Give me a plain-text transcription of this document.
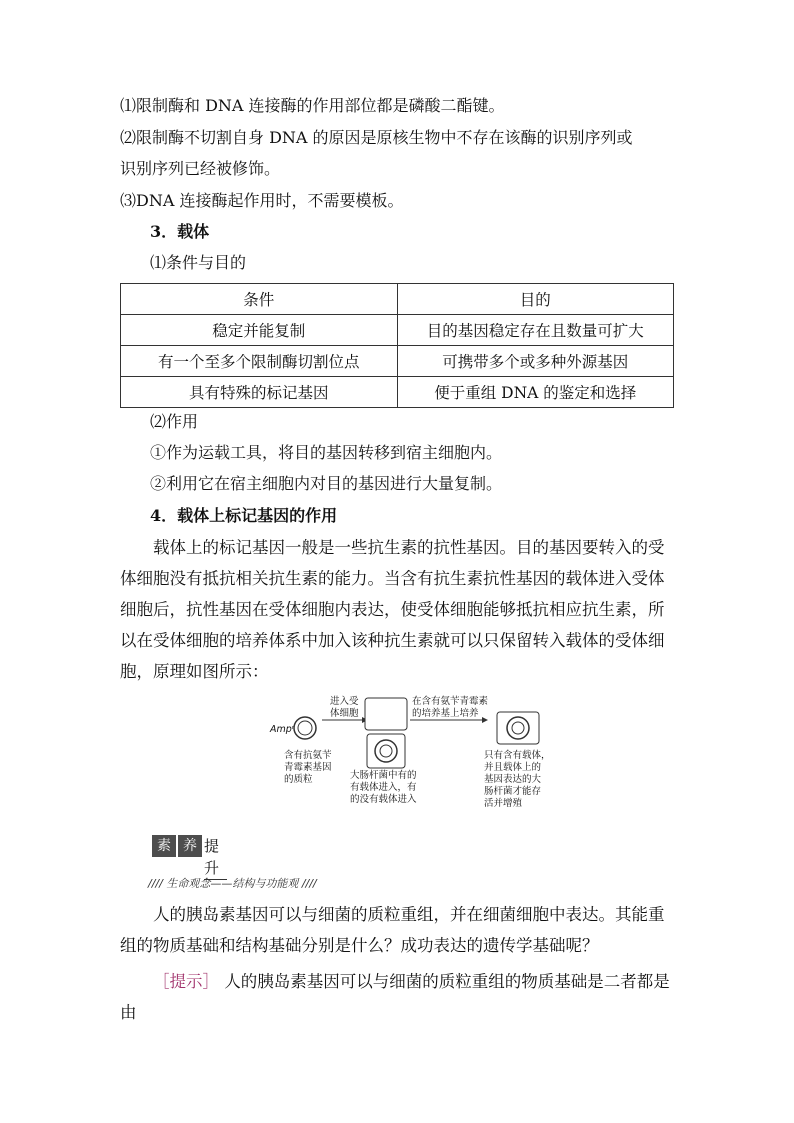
⑴限制酶和 DNA 连接酶的作用部位都是磷酸二酯键。
⑵限制酶不切割自身 DNA 的原因是原核生物中不存在该酶的识别序列或
识别序列已经被修饰。
⑶DNA 连接酶起作用时，不需要模板。
3．载体
⑴条件与目的
条件	目的
稳定并能复制	目的基因稳定存在且数量可扩大
有一个至多个限制酶切割位点	可携带多个或多种外源基因
具有特殊的标记基因	便于重组 DNA 的鉴定和选择
⑵作用
①作为运载工具，将目的基因转移到宿主细胞内。
②利用它在宿主细胞内对目的基因进行大量复制。
4．载体上标记基因的作用
载体上的标记基因一般是一些抗生素的抗性基因。目的基因要转入的受体细胞没有抵抗相关抗生素的能力。当含有抗生素抗性基因的载体进入受体细胞后，抗性基因在受体细胞内表达，使受体细胞能够抵抗相应抗生素，所以在受体细胞的培养体系中加入该种抗生素就可以只保留转入载体的受体细胞，原理如图所示：
Ampʳ
含有抗氨苄
青霉素基因
的质粒
进入受
体细胞
大肠杆菌中有的
有载体进入，有
的没有载体进入
在含有氨苄青霉素
的培养基上培养
只有含有载体，
并且载体上的
基因表达的大
肠杆菌才能存
活并增殖
素 养 提升
//// 生命观念——结构与功能观 ////
人的胰岛素基因可以与细菌的质粒重组，并在细菌细胞中表达。其能重组的物质基础和结构基础分别是什么？成功表达的遗传学基础呢？
［提示］ 人的胰岛素基因可以与细菌的质粒重组的物质基础是二者都是由
